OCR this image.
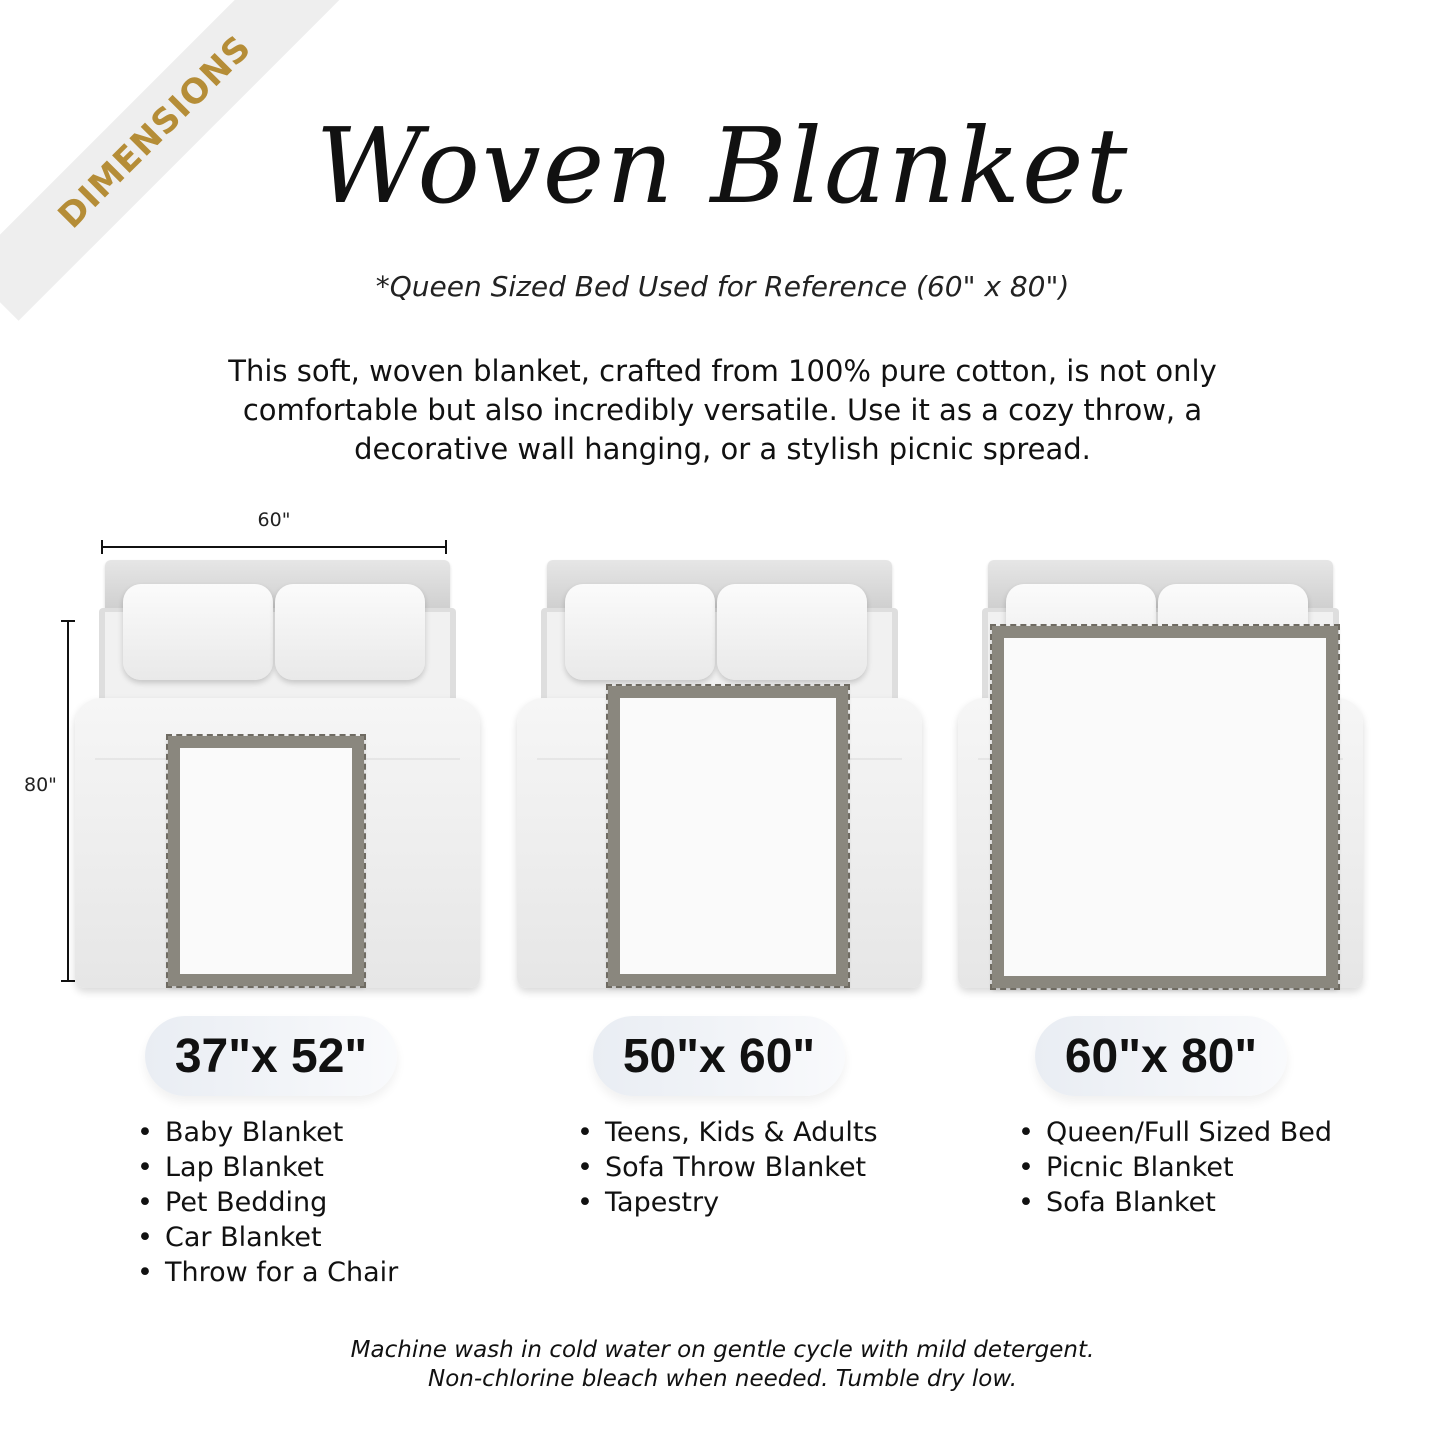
DIMENSIONS Woven Blanket
*Queen Sized Bed Used for Reference (60" x 80")
This soft, woven blanket, crafted from 100% pure cotton, is not only comfortable but also incredibly versatile. Use it as a cozy throw, a decorative wall hanging, or a stylish picnic spread.
60"
80"
37"x 52"	50"x 60"	60"x 80"
• Baby Blanket
• Lap Blanket
• Pet Bedding
• Car Blanket
• Throw for a Chair
• Teens, Kids & Adults
• Sofa Throw Blanket
• Tapestry
• Queen/Full Sized Bed
• Picnic Blanket
• Sofa Blanket
Machine wash in cold water on gentle cycle with mild detergent.
Non-chlorine bleach when needed. Tumble dry low.
